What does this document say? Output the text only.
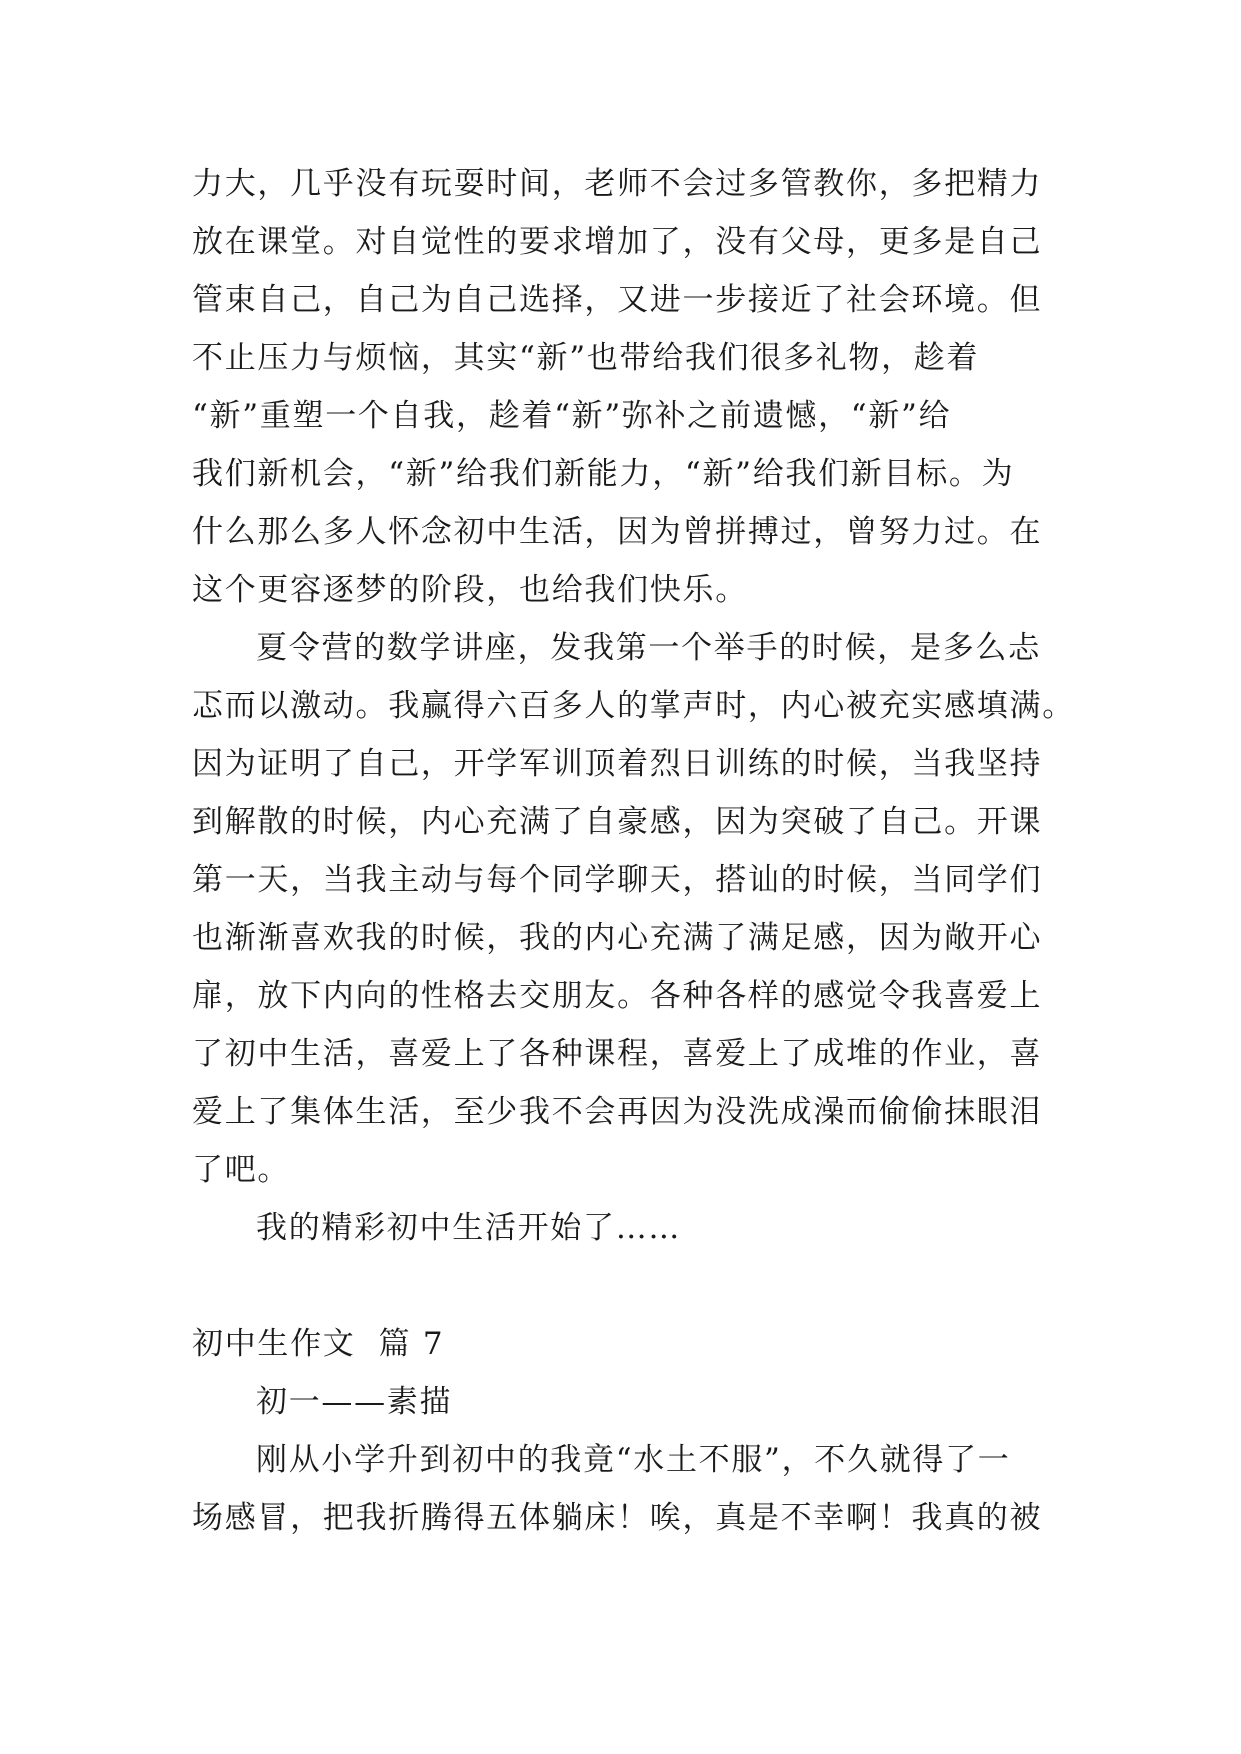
力大，几乎没有玩耍时间，老师不会过多管教你，多把精力
放在课堂。对自觉性的要求增加了，没有父母，更多是自己
管束自己，自己为自己选择，又进一步接近了社会环境。但
不止压力与烦恼，其实“新”也带给我们很多礼物，趁着
“新”重塑一个自我，趁着“新”弥补之前遗憾，“新”给
我们新机会，“新”给我们新能力，“新”给我们新目标。为
什么那么多人怀念初中生活，因为曾拼搏过，曾努力过。在
这个更容逐梦的阶段，也给我们快乐。
夏令营的数学讲座，发我第一个举手的时候，是多么忐
忑而以激动。我赢得六百多人的掌声时，内心被充实感填满。
因为证明了自己，开学军训顶着烈日训练的时候，当我坚持
到解散的时候，内心充满了自豪感，因为突破了自己。开课
第一天，当我主动与每个同学聊天，搭讪的时候，当同学们
也渐渐喜欢我的时候，我的内心充满了满足感，因为敞开心
扉，放下内向的性格去交朋友。各种各样的感觉令我喜爱上
了初中生活，喜爱上了各种课程，喜爱上了成堆的作业，喜
爱上了集体生活，至少我不会再因为没洗成澡而偷偷抹眼泪
了吧。
我的精彩初中生活开始了……
初中生作文  篇 7
初一——素描
刚从小学升到初中的我竟“水土不服”，不久就得了一
场感冒，把我折腾得五体躺床！唉，真是不幸啊！我真的被
